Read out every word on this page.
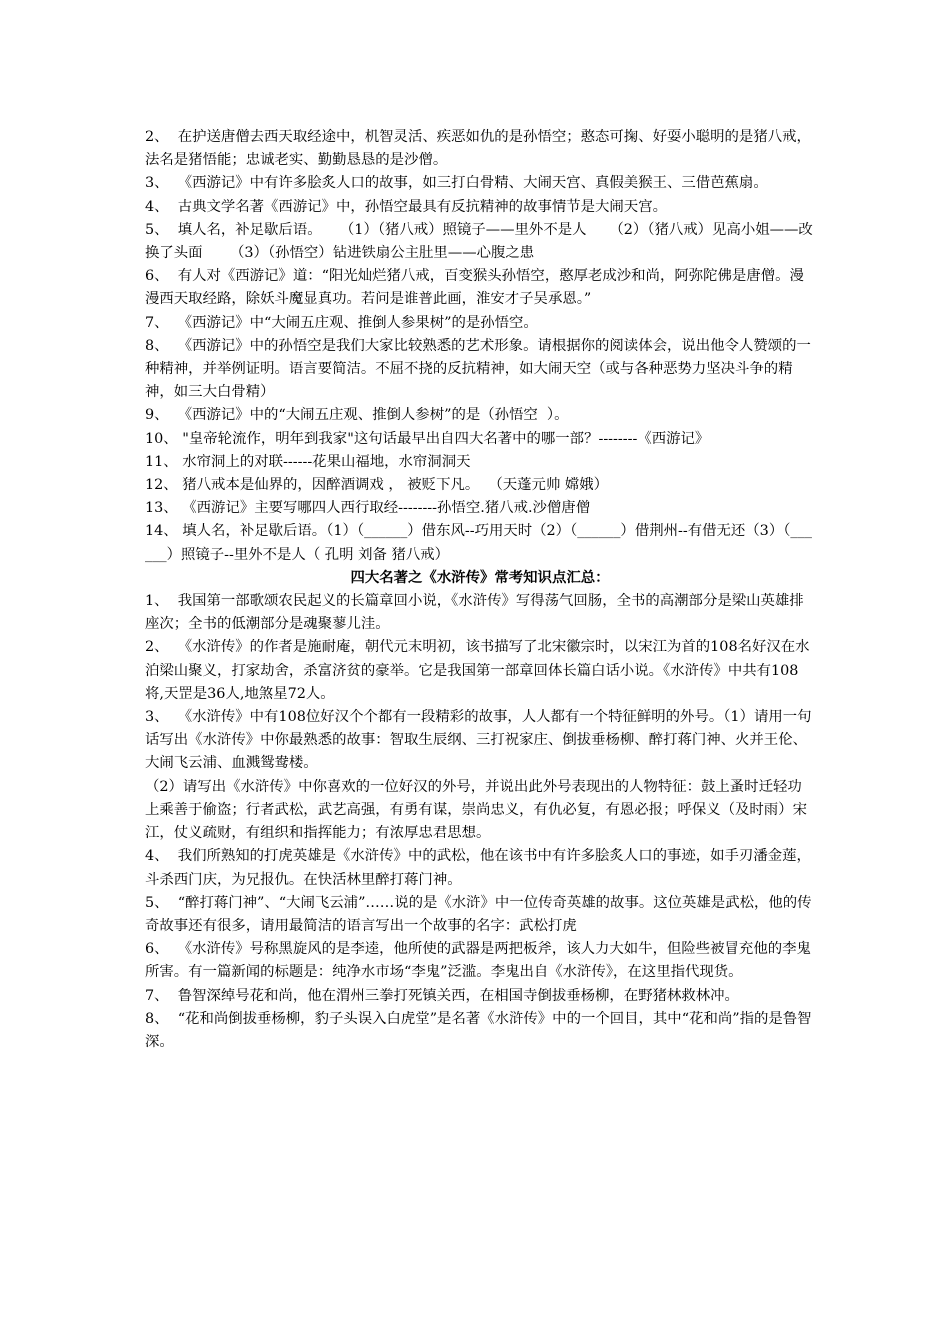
2、  在护送唐僧去西天取经途中，机智灵活、疾恶如仇的是孙悟空；憨态可掬、好耍小聪明的是猪八戒，法名是猪悟能；忠诚老实、勤勤恳恳的是沙僧。

3、  《西游记》中有许多脍炙人口的故事，如三打白骨精、大闹天宫、真假美猴王、三借芭蕉扇。

4、  古典文学名著《西游记》中，孙悟空最具有反抗精神的故事情节是大闹天宫。

5、  填人名，补足歇后语。    （1）（猪八戒）照镜子——里外不是人     （2）（猪八戒）见高小姐——改换了头面      （3）（孙悟空）钻进铁扇公主肚里——心腹之患

6、  有人对《西游记》道：“阳光灿烂猪八戒，百变猴头孙悟空，憨厚老成沙和尚，阿弥陀佛是唐僧。漫漫西天取经路，除妖斗魔显真功。若问是谁普此画，淮安才子吴承恩。”

7、  《西游记》中“大闹五庄观、推倒人参果树”的是孙悟空。

8、  《西游记》中的孙悟空是我们大家比较熟悉的艺术形象。请根据你的阅读体会，说出他令人赞颂的一种精神，并举例证明。语言要简洁。不屈不挠的反抗精神，如大闹天空（或与各种恶势力坚决斗争的精神，如三大白骨精）

9、  《西游记》中的“大闹五庄观、推倒人参树”的是（孙悟空  ）。

10、 "皇帝轮流作，明年到我家"这句话最早出自四大名著中的哪一部？--------《西游记》

11、 水帘洞上的对联------花果山福地，水帘洞洞天

12、 猪八戒本是仙界的，因醉酒调戏 ， 被贬下凡。  （天蓬元帅 嫦娥）

13、 《西游记》主要写哪四人西行取经--------孙悟空.猪八戒.沙僧唐僧

14、 填人名，补足歇后语。（1）（______）借东风--巧用天时（2）（______）借荆州--有借无还（3）（______）照镜子--里外不是人（ 孔明 刘备 猪八戒）

四大名著之《水浒传》常考知识点汇总：

1、  我国第一部歌颂农民起义的长篇章回小说，《水浒传》写得荡气回肠，全书的高潮部分是梁山英雄排座次；全书的低潮部分是魂聚蓼儿洼。

2、  《水浒传》的作者是施耐庵，朝代元末明初，该书描写了北宋徽宗时，以宋江为首的108名好汉在水泊梁山聚义，打家劫舍，杀富济贫的豪举。它是我国第一部章回体长篇白话小说。《水浒传》中共有108将,天罡是36人,地煞星72人。

3、  《水浒传》中有108位好汉个个都有一段精彩的故事，人人都有一个特征鲜明的外号。（1）请用一句话写出《水浒传》中你最熟悉的故事：智取生辰纲、三打祝家庄、倒拔垂杨柳、醉打蒋门神、火并王伦、大闹飞云浦、血溅鸳鸯楼。

（2）请写出《水浒传》中你喜欢的一位好汉的外号，并说出此外号表现出的人物特征：鼓上蚤时迁轻功上乘善于偷盗；行者武松，武艺高强，有勇有谋，崇尚忠义，有仇必复，有恩必报；呼保义（及时雨）宋江，仗义疏财，有组织和指挥能力；有浓厚忠君思想。

4、  我们所熟知的打虎英雄是《水浒传》中的武松，他在该书中有许多脍炙人口的事迹，如手刃潘金莲，斗杀西门庆，为兄报仇。在快活林里醉打蒋门神。

5、  “醉打蒋门神”、“大闹飞云浦”……说的是《水浒》中一位传奇英雄的故事。这位英雄是武松，他的传奇故事还有很多，请用最简洁的语言写出一个故事的名字：武松打虎

6、  《水浒传》号称黑旋风的是李逵，他所使的武器是两把板斧，该人力大如牛，但险些被冒充他的李鬼所害。有一篇新闻的标题是：纯净水市场“李鬼”泛滥。李鬼出自《水浒传》，在这里指代现货。

7、  鲁智深绰号花和尚，他在渭州三拳打死镇关西，在相国寺倒拔垂杨柳，在野猪林救林冲。

8、  “花和尚倒拔垂杨柳，豹子头误入白虎堂”是名著《水浒传》中的一个回目，其中“花和尚”指的是鲁智深。
